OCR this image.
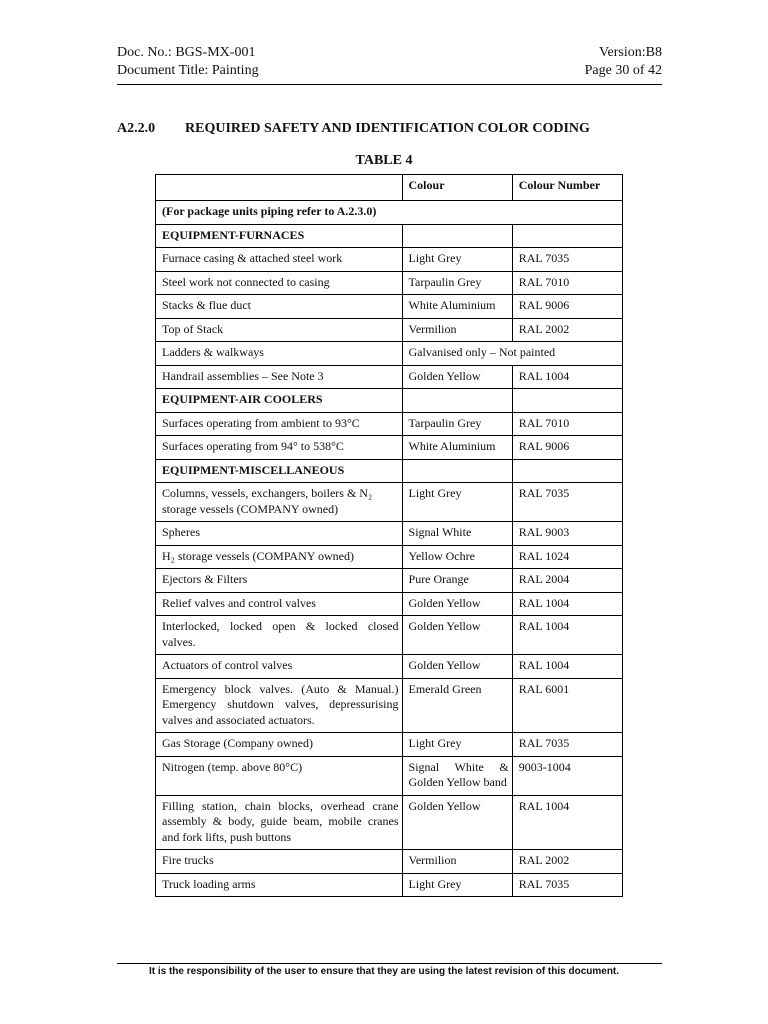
Doc. No.: BGS-MX-001
Document Title: Painting
Version:B8
Page 30 of 42
A2.2.0 REQUIRED SAFETY AND IDENTIFICATION COLOR CODING
TABLE 4
	Colour	Colour Number
(For package units piping refer to A.2.3.0)		
EQUIPMENT-FURNACES		
Furnace casing & attached steel work	Light Grey	RAL 7035
Steel work not connected to casing	Tarpaulin Grey	RAL 7010
Stacks & flue duct	White Aluminium	RAL 9006
Top of Stack	Vermilion	RAL 2002
Ladders & walkways	Galvanised only – Not painted	
Handrail assemblies – See Note 3	Golden Yellow	RAL 1004
EQUIPMENT-AIR COOLERS		
Surfaces operating from ambient to 93°C	Tarpaulin Grey	RAL 7010
Surfaces operating from 94° to 538°C	White Aluminium	RAL 9006
EQUIPMENT-MISCELLANEOUS		
Columns, vessels, exchangers, boilers & N₂ storage vessels (COMPANY owned)	Light Grey	RAL 7035
Spheres	Signal White	RAL 9003
H₂ storage vessels (COMPANY owned)	Yellow Ochre	RAL 1024
Ejectors & Filters	Pure Orange	RAL 2004
Relief valves and control valves	Golden Yellow	RAL 1004
Interlocked, locked open & locked closed valves.	Golden Yellow	RAL 1004
Actuators of control valves	Golden Yellow	RAL 1004
Emergency block valves. (Auto & Manual.) Emergency shutdown valves, depressurising valves and associated actuators.	Emerald Green	RAL 6001
Gas Storage (Company owned)	Light Grey	RAL 7035
Nitrogen (temp. above 80°C)	Signal White & Golden Yellow band	9003-1004
Filling station, chain blocks, overhead crane assembly & body, guide beam, mobile cranes and fork lifts, push buttons	Golden Yellow	RAL 1004
Fire trucks	Vermilion	RAL 2002
Truck loading arms	Light Grey	RAL 7035
It is the responsibility of the user to ensure that they are using the latest revision of this document.
